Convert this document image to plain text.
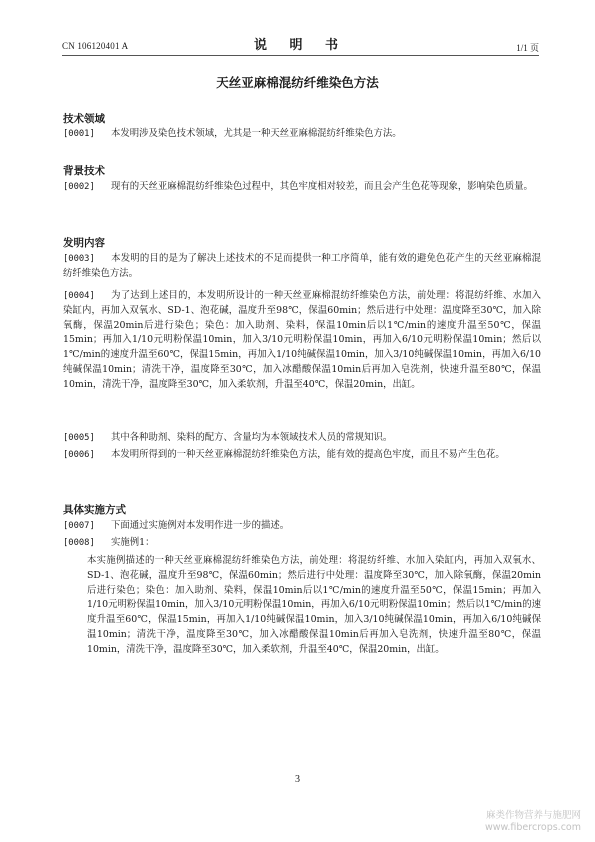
CN 106120401 A	说 明 书	1/1 页
天丝亚麻棉混纺纤维染色方法
技术领域
[0001] 本发明涉及染色技术领域，尤其是一种天丝亚麻棉混纺纤维染色方法。
背景技术
[0002] 现有的天丝亚麻棉混纺纤维染色过程中，其色牢度相对较差，而且会产生色花等现象，影响染色质量。
发明内容
[0003] 本发明的目的是为了解决上述技术的不足而提供一种工序简单，能有效的避免色花产生的天丝亚麻棉混纺纤维染色方法。
[0004] 为了达到上述目的，本发明所设计的一种天丝亚麻棉混纺纤维染色方法，前处理：将混纺纤维、水加入染缸内，再加入双氧水、SD-1、泡花碱，温度升至98℃，保温60min；然后进行中处理：温度降至30℃，加入除氧酶，保温20min后进行染色；染色：加入助剂、染料，保温10min后以1℃/min的速度升温至50℃，保温15min；再加入1/10元明粉保温10min，加入3/10元明粉保温10min，再加入6/10元明粉保温10min；然后以1℃/min的速度升温至60℃，保温15min，再加入1/10纯碱保温10min，加入3/10纯碱保温10min，再加入6/10纯碱保温10min；清洗干净，温度降至30℃，加入冰醋酸保温10min后再加入皂洗剂，快速升温至80℃，保温10min，清洗干净，温度降至30℃，加入柔软剂，升温至40℃，保温20min，出缸。
[0005] 其中各种助剂、染料的配方、含量均为本领域技术人员的常规知识。
[0006] 本发明所得到的一种天丝亚麻棉混纺纤维染色方法，能有效的提高色牢度，而且不易产生色花。
具体实施方式
[0007] 下面通过实施例对本发明作进一步的描述。
[0008] 实施例1：
本实施例描述的一种天丝亚麻棉混纺纤维染色方法，前处理：将混纺纤维、水加入染缸内，再加入双氧水、SD-1、泡花碱，温度升至98℃，保温60min；然后进行中处理：温度降至30℃，加入除氧酶，保温20min后进行染色；染色：加入助剂、染料，保温10min后以1℃/min的速度升温至50℃，保温15min；再加入1/10元明粉保温10min，加入3/10元明粉保温10min，再加入6/10元明粉保温10min；然后以1℃/min的速度升温至60℃，保温15min，再加入1/10纯碱保温10min，加入3/10纯碱保温10min，再加入6/10纯碱保温10min；清洗干净，温度降至30℃，加入冰醋酸保温10min后再加入皂洗剂，快速升温至80℃，保温10min，清洗干净，温度降至30℃，加入柔软剂，升温至40℃，保温20min，出缸。
3
麻类作物营养与施肥网
www.fibercrops.com
